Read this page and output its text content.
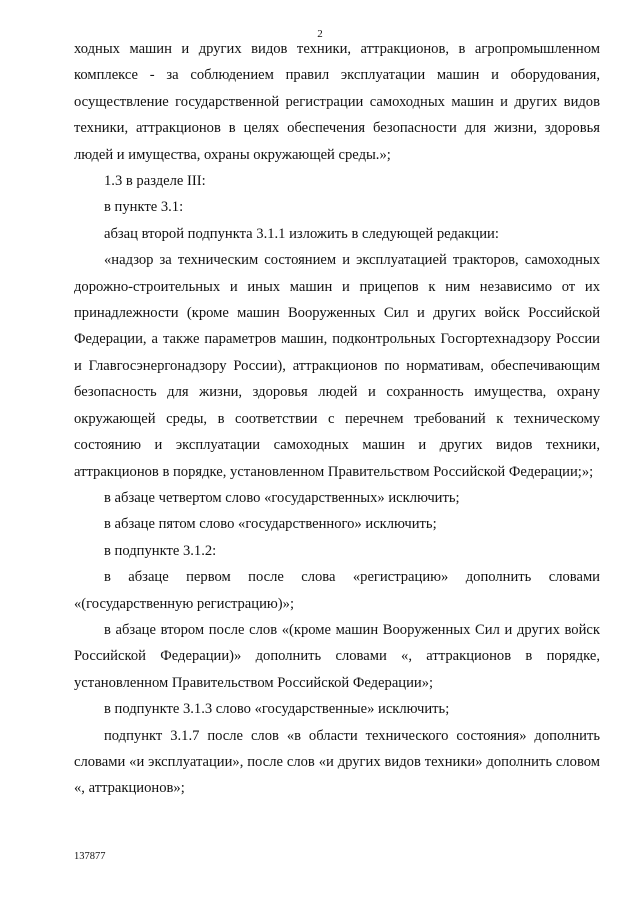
2

ходных машин и других видов техники, аттракционов, в агропромышленном комплексе - за соблюдением правил эксплуатации машин и оборудования, осуществление государственной регистрации самоходных машин и других видов техники, аттракционов в целях обеспечения безопасности для жизни, здоровья людей и имущества, охраны окружающей среды.»;

1.3 в разделе III:

в пункте 3.1:

абзац второй подпункта 3.1.1 изложить в следующей редакции:

«надзор за техническим состоянием и эксплуатацией тракторов, самоходных дорожно-строительных и иных машин и прицепов к ним независимо от их принадлежности (кроме машин Вооруженных Сил и других войск Российской Федерации, а также параметров машин, подконтрольных Госгортехнадзору России и Главгосэнергонадзору России), аттракционов по нормативам, обеспечивающим безопасность для жизни, здоровья людей и сохранность имущества, охрану окружающей среды, в соответствии с перечнем требований к техническому состоянию и эксплуатации самоходных машин и других видов техники, аттракционов в порядке, установленном Правительством Российской Федерации;»;

в абзаце четвертом слово «государственных» исключить;

в абзаце пятом слово «государственного» исключить;

в подпункте 3.1.2:

в абзаце первом после слова «регистрацию» дополнить словами «(государственную регистрацию)»;

в абзаце втором после слов «(кроме машин Вооруженных Сил и других войск Российской Федерации)» дополнить словами «, аттракционов в порядке, установленном Правительством Российской Федерации»;

в подпункте 3.1.3 слово «государственные» исключить;

подпункт 3.1.7 после слов «в области технического состояния» дополнить словами «и эксплуатации», после слов «и других видов техники» дополнить словом «, аттракционов»;

137877
